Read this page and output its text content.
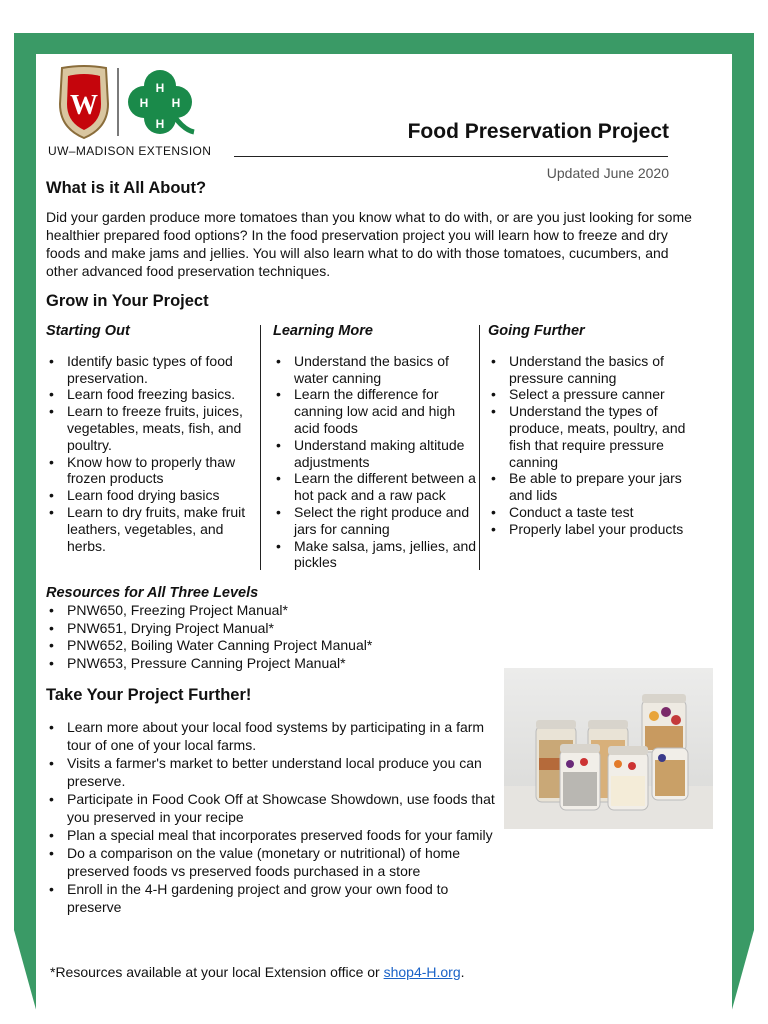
W
H
H
H H
UW–MADISON EXTENSION
Food Preservation Project
Updated June 2020
What is it All About?

Did your garden produce more tomatoes than you know what to do with, or are you just looking for some healthier prepared food options? In the food preservation project you will learn how to freeze and dry foods and make jams and jellies. You will also learn what to do with those tomatoes, cucumbers, and other advanced food preservation techniques.

Grow in Your Project
Starting Out
• Identify basic types of food preservation.
• Learn food freezing basics.
• Learn to freeze fruits, juices, vegetables, meats, fish, and poultry.
• Know how to properly thaw frozen products
• Learn food drying basics
• Learn to dry fruits, make fruit leathers, vegetables, and herbs.
Learning More
• Understand the basics of water canning
• Learn the difference for canning low acid and high acid foods
• Understand making altitude adjustments
• Learn the different between a hot pack and a raw pack
• Select the right produce and jars for canning
• Make salsa, jams, jellies, and pickles
Going Further
• Understand the basics of pressure canning
• Select a pressure canner
• Understand the types of produce, meats, poultry, and fish that require pressure canning
• Be able to prepare your jars and lids
• Conduct a taste test
• Properly label your products
Resources for All Three Levels
• PNW650, Freezing Project Manual*
• PNW651, Drying Project Manual*
• PNW652, Boiling Water Canning Project Manual*
• PNW653, Pressure Canning Project Manual*
Take Your Project Further!
• Learn more about your local food systems by participating in a farm tour of one of your local farms.
• Visits a farmer's market to better understand local produce you can preserve.
• Participate in Food Cook Off at Showcase Showdown, use foods that you preserved in your recipe
• Plan a special meal that incorporates preserved foods for your family
• Do a comparison on the value (monetary or nutritional) of home preserved foods vs preserved foods purchased in a store
• Enroll in the 4-H gardening project and grow your own food to preserve
*Resources available at your local Extension office or shop4-H.org.
